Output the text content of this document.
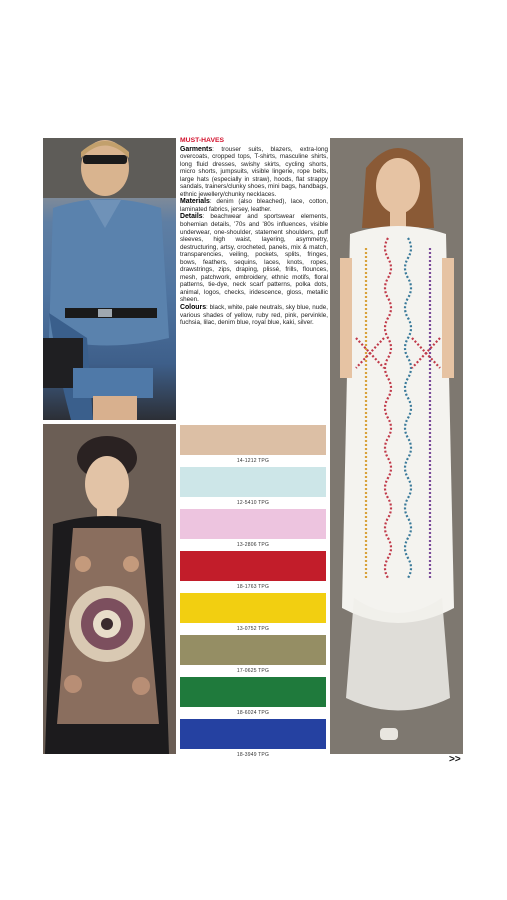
MUST-HAVES

Garments: trouser suits, blazers, extra-long overcoats, cropped tops, T-shirts, masculine shirts, long fluid dresses, swishy skirts, cycling shorts, micro shorts, jumpsuits, visible lingerie, rope belts, large hats (especially in straw), hoods, flat strappy sandals, trainers/clunky shoes, mini bags, handbags, ethnic jewellery/chunky necklaces.

Materials: denim (also bleached), lace, cotton, laminated fabrics, jersey, leather.

Details: beachwear and sportswear elements, bohemian details, '70s and '80s influences, visible underwear, one-shoulder, statement shoulders, puff sleeves, high waist, layering, asymmetry, destructuring, artsy, crocheted, panels, mix & match, transparencies, veiling, pockets, splits, fringes, bows, feathers, sequins, laces, knots, ropes, drawstrings, zips, draping, plissé, frills, flounces, mesh, patchwork, embroidery, ethnic motifs, floral patterns, tie-dye, neck scarf patterns, polka dots, animal, logos, checks, iridescence, gloss, metallic sheen.

Colours: black, white, pale neutrals, sky blue, nude, various shades of yellow, ruby red, pink, pervinkle, fuchsia, lilac, denim blue, royal blue, kaki, silver.

14-1212 TPG
12-5410 TPG
13-2806 TPG
18-1763 TPG
13-0752 TPG
17-0625 TPG
18-6024 TPG
18-3949 TPG	>>
